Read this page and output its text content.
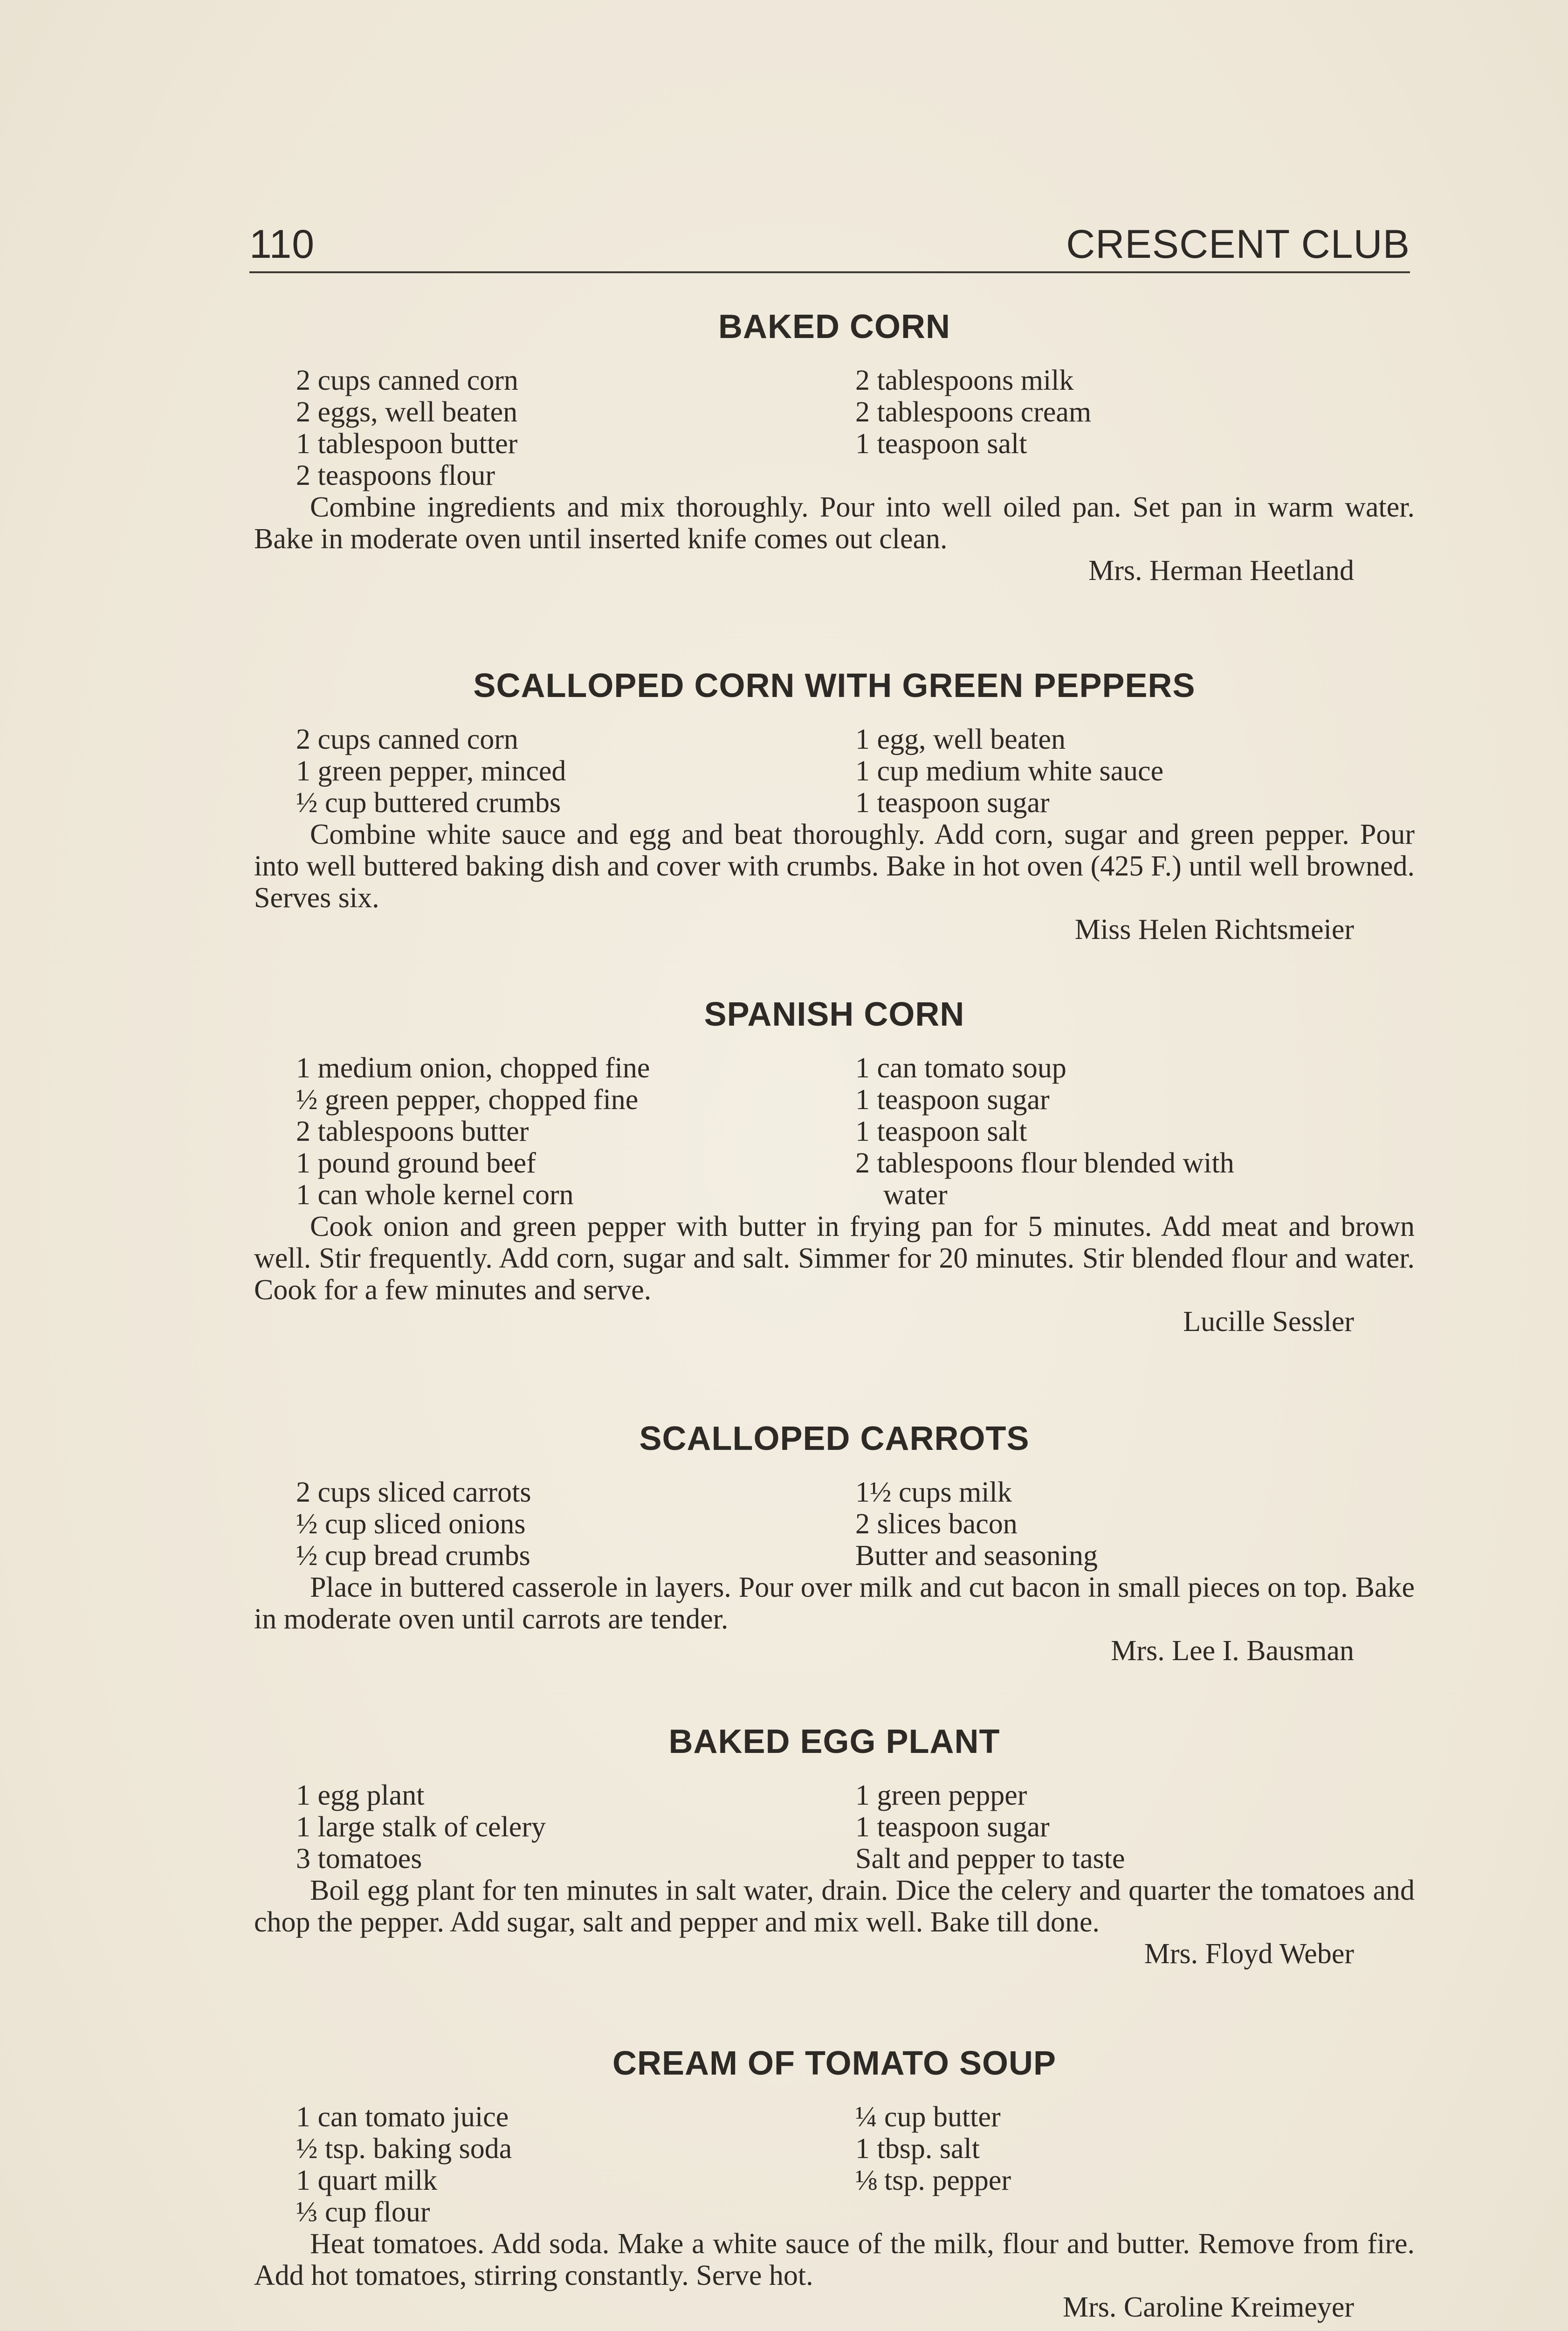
110	CRESCENT CLUB
BAKED CORN
2 cups canned corn
2 eggs, well beaten
1 tablespoon butter
2 teaspoons flour
2 tablespoons milk
2 tablespoons cream
1 teaspoon salt

Combine ingredients and mix thoroughly. Pour into well oiled pan. Set pan in warm water. Bake in moderate oven until inserted knife comes out clean.

Mrs. Herman Heetland
SCALLOPED CORN WITH GREEN PEPPERS
2 cups canned corn
1 green pepper, minced
½ cup buttered crumbs
1 egg, well beaten
1 cup medium white sauce
1 teaspoon sugar

Combine white sauce and egg and beat thoroughly. Add corn, sugar and green pepper. Pour into well buttered baking dish and cover with crumbs. Bake in hot oven (425 F.) until well browned. Serves six.

Miss Helen Richtsmeier
SPANISH CORN
1 medium onion, chopped fine
½ green pepper, chopped fine
2 tablespoons butter
1 pound ground beef
1 can whole kernel corn
1 can tomato soup
1 teaspoon sugar
1 teaspoon salt
2 tablespoons flour blended with
water

Cook onion and green pepper with butter in frying pan for 5 minutes. Add meat and brown well. Stir frequently. Add corn, sugar and salt. Simmer for 20 minutes. Stir blended flour and water. Cook for a few minutes and serve.

Lucille Sessler
SCALLOPED CARROTS
2 cups sliced carrots
½ cup sliced onions
½ cup bread crumbs
1½ cups milk
2 slices bacon
Butter and seasoning

Place in buttered casserole in layers. Pour over milk and cut bacon in small pieces on top. Bake in moderate oven until carrots are tender.

Mrs. Lee I. Bausman
BAKED EGG PLANT
1 egg plant
1 large stalk of celery
3 tomatoes
1 green pepper
1 teaspoon sugar
Salt and pepper to taste

Boil egg plant for ten minutes in salt water, drain. Dice the celery and quarter the tomatoes and chop the pepper. Add sugar, salt and pepper and mix well. Bake till done.

Mrs. Floyd Weber
CREAM OF TOMATO SOUP
1 can tomato juice
½ tsp. baking soda
1 quart milk
⅓ cup flour
¼ cup butter
1 tbsp. salt
⅛ tsp. pepper

Heat tomatoes. Add soda. Make a white sauce of the milk, flour and butter. Remove from fire. Add hot tomatoes, stirring constantly. Serve hot.

Mrs. Caroline Kreimeyer
